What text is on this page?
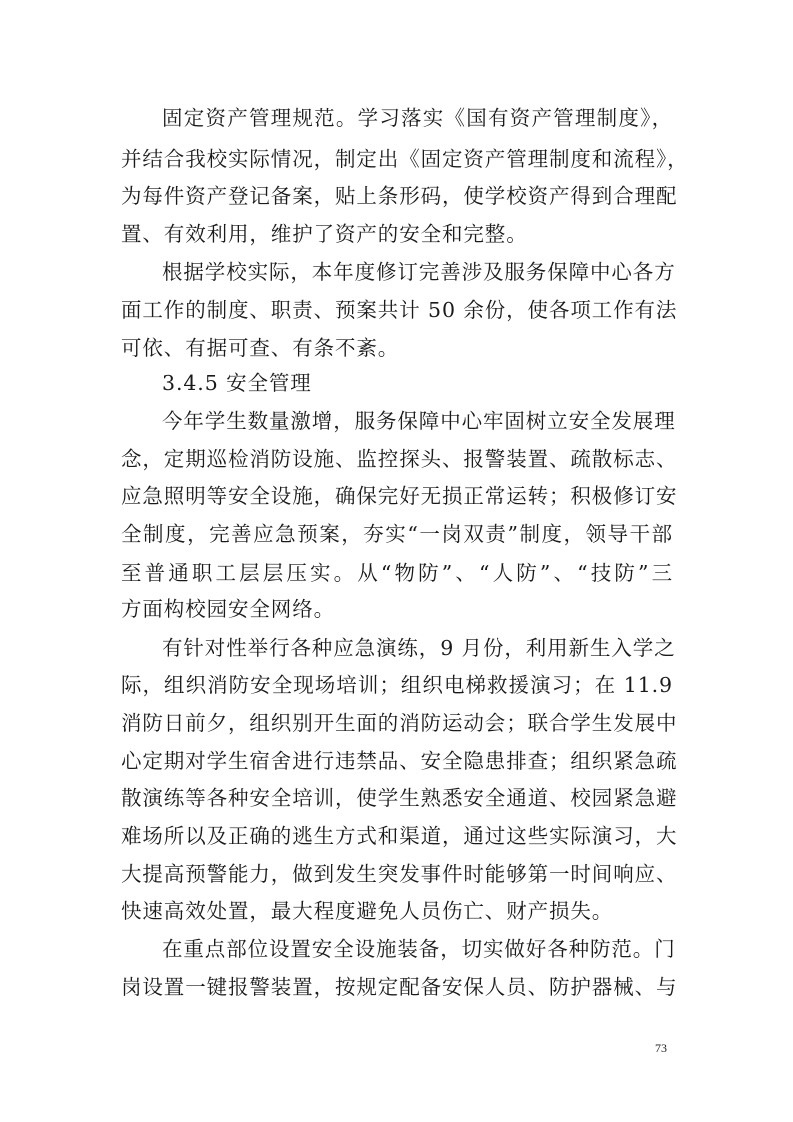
固定资产管理规范。学习落实《国有资产管理制度》，
并结合我校实际情况，制定出《固定资产管理制度和流程》，
为每件资产登记备案，贴上条形码，使学校资产得到合理配
置、有效利用，维护了资产的安全和完整。
根据学校实际，本年度修订完善涉及服务保障中心各方
面工作的制度、职责、预案共计 50 余份，使各项工作有法
可依、有据可查、有条不紊。
3.4.5 安全管理
今年学生数量激增，服务保障中心牢固树立安全发展理
念，定期巡检消防设施、监控探头、报警装置、疏散标志、
应急照明等安全设施，确保完好无损正常运转；积极修订安
全制度，完善应急预案，夯实“一岗双责”制度，领导干部
至普通职工层层压实。从“物防”、“人防”、“技防”三
方面构校园安全网络。
有针对性举行各种应急演练，9 月份，利用新生入学之
际，组织消防安全现场培训；组织电梯救援演习；在 11.9
消防日前夕，组织别开生面的消防运动会；联合学生发展中
心定期对学生宿舍进行违禁品、安全隐患排查；组织紧急疏
散演练等各种安全培训，使学生熟悉安全通道、校园紧急避
难场所以及正确的逃生方式和渠道，通过这些实际演习，大
大提高预警能力，做到发生突发事件时能够第一时间响应、
快速高效处置，最大程度避免人员伤亡、财产损失。
在重点部位设置安全设施装备，切实做好各种防范。门
岗设置一键报警装置，按规定配备安保人员、防护器械、与
73
